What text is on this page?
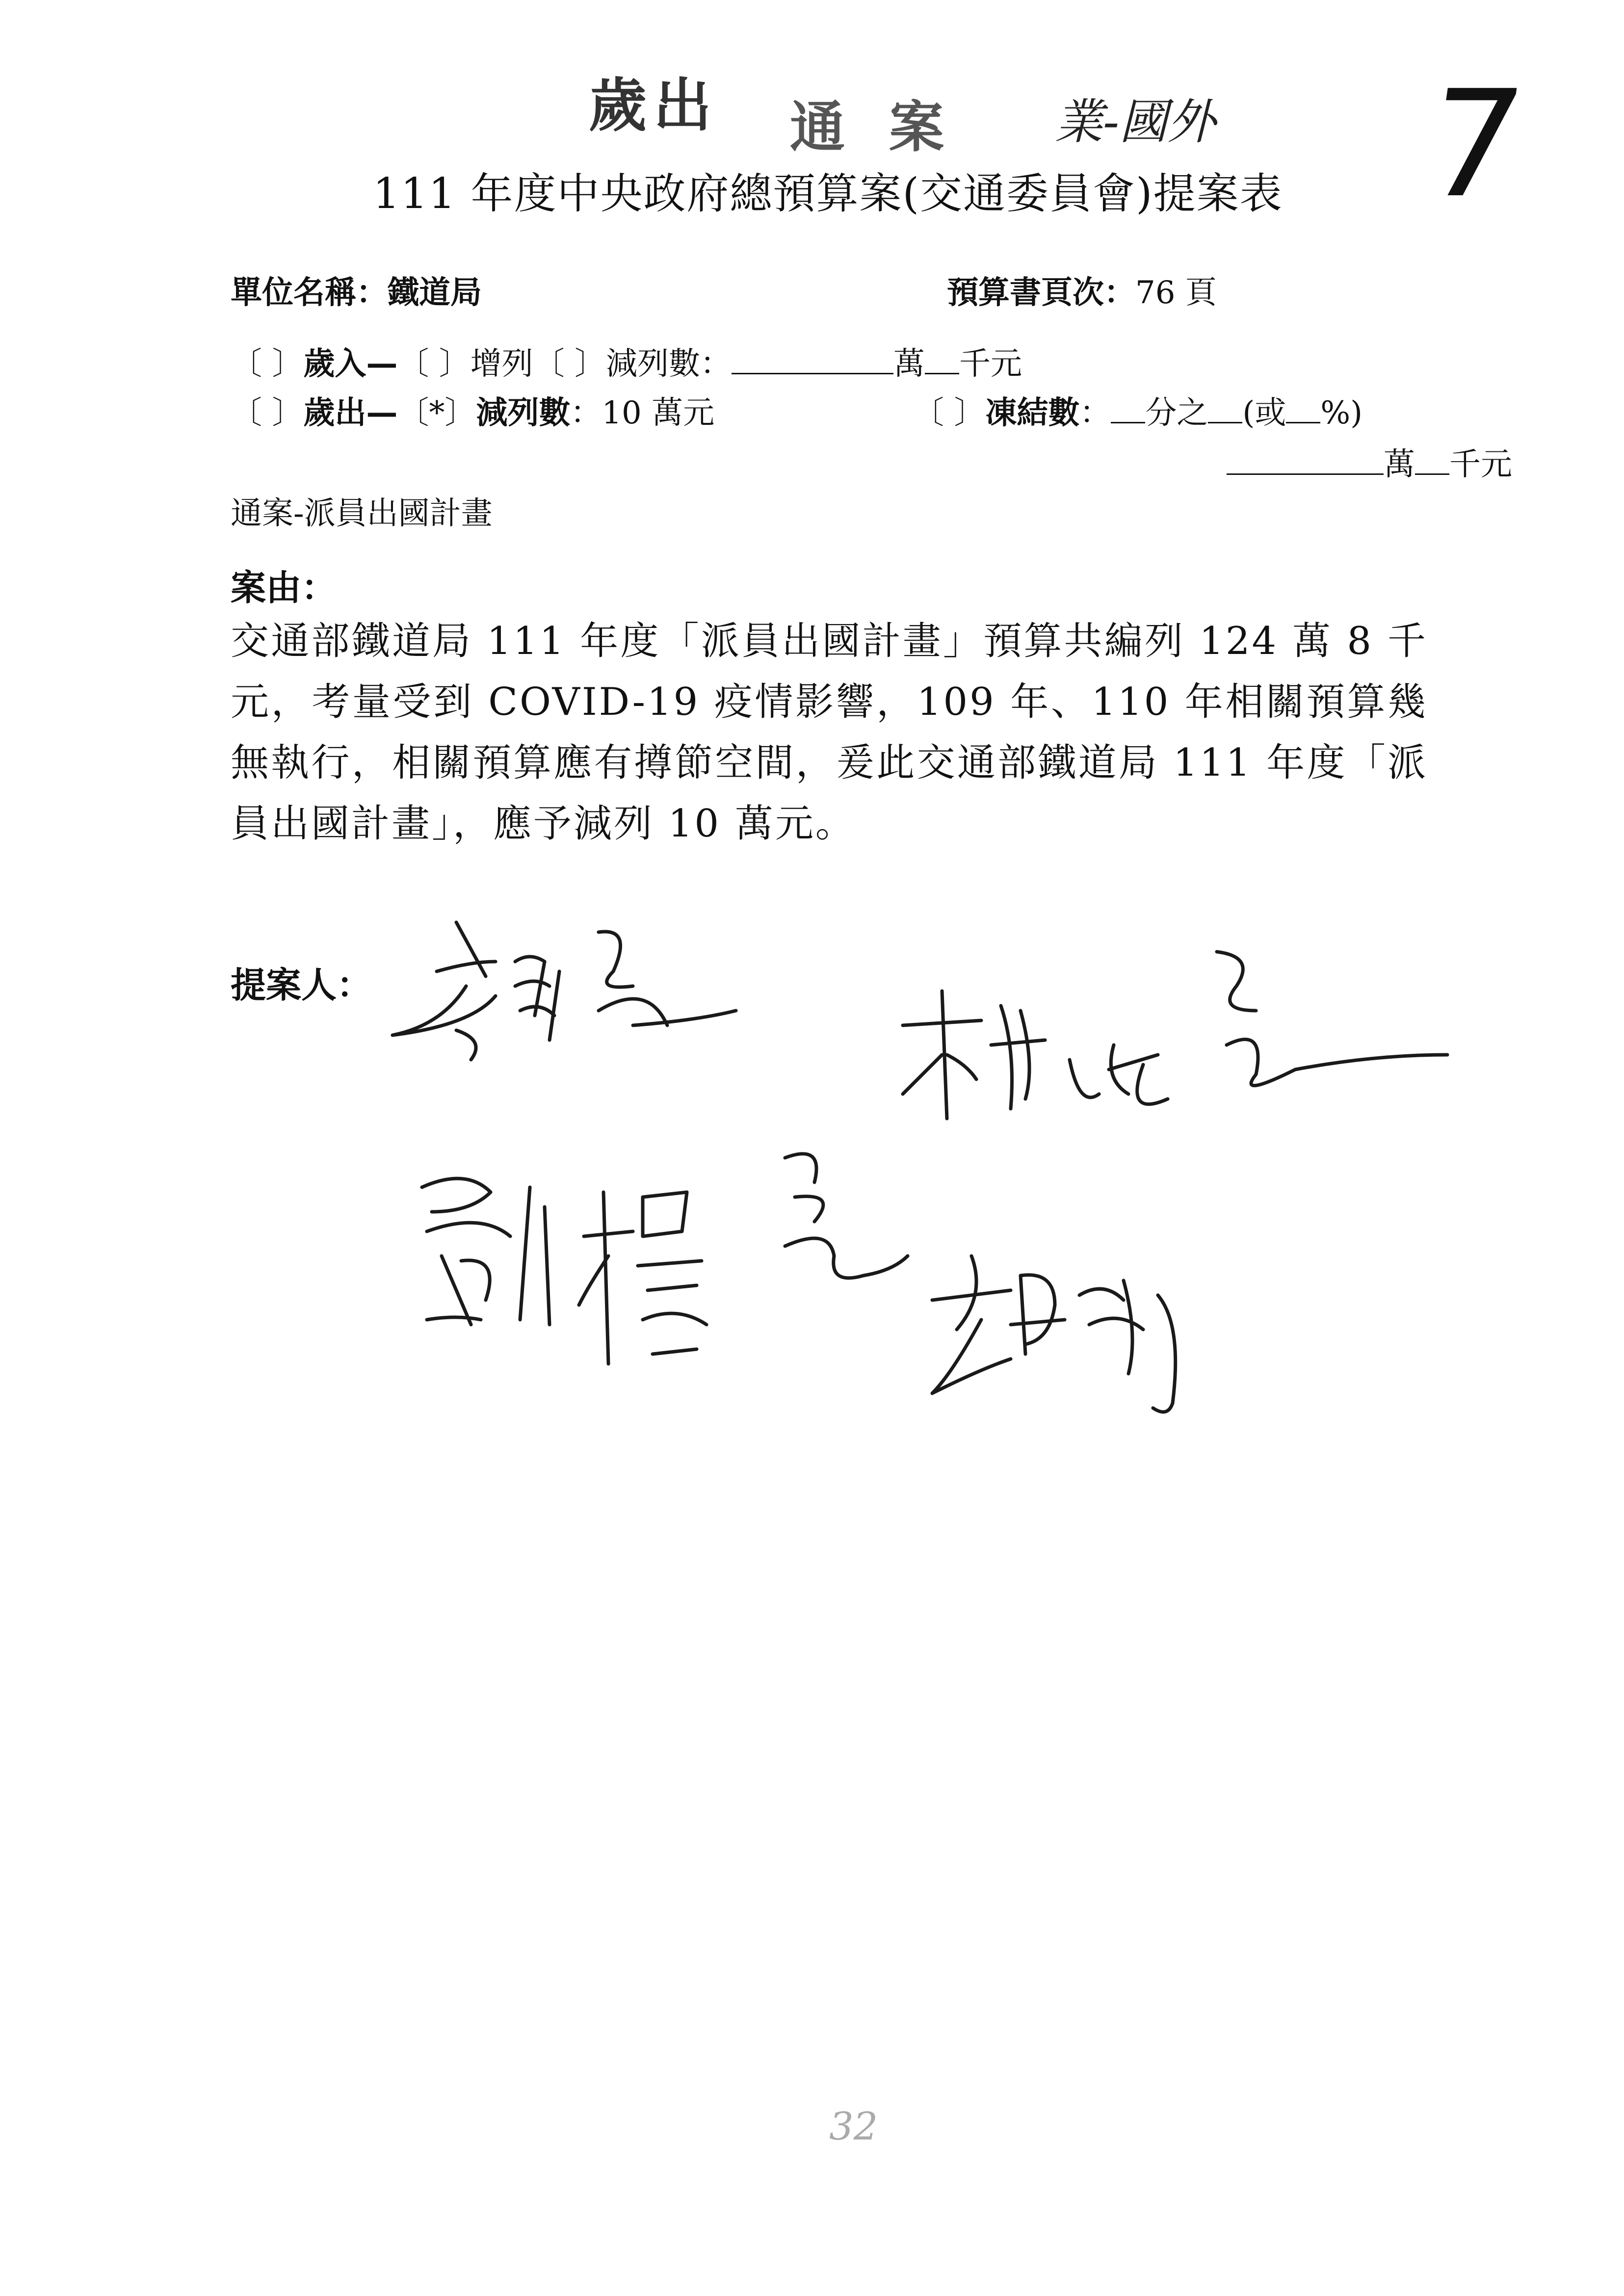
歲出 通案 業-國外 7
111 年度中央政府總預算案(交通委員會)提案表
單位名稱：鐵道局	預算書頁次：76 頁
〔 〕歲入—〔 〕增列〔 〕減列數：	萬 千元
〔 〕歲出—〔*〕減列數：10 萬元	〔 〕凍結數： 分之 (或 %)
萬 千元
通案-派員出國計畫
案由：
交通部鐵道局 111 年度「派員出國計畫」預算共編列 124 萬 8 千元，考量受到 COVID-19 疫情影響，109 年、110 年相關預算幾無執行，相關預算應有撙節空間，爰此交通部鐵道局 111 年度「派員出國計畫」，應予減列 10 萬元。
提案人：
32
